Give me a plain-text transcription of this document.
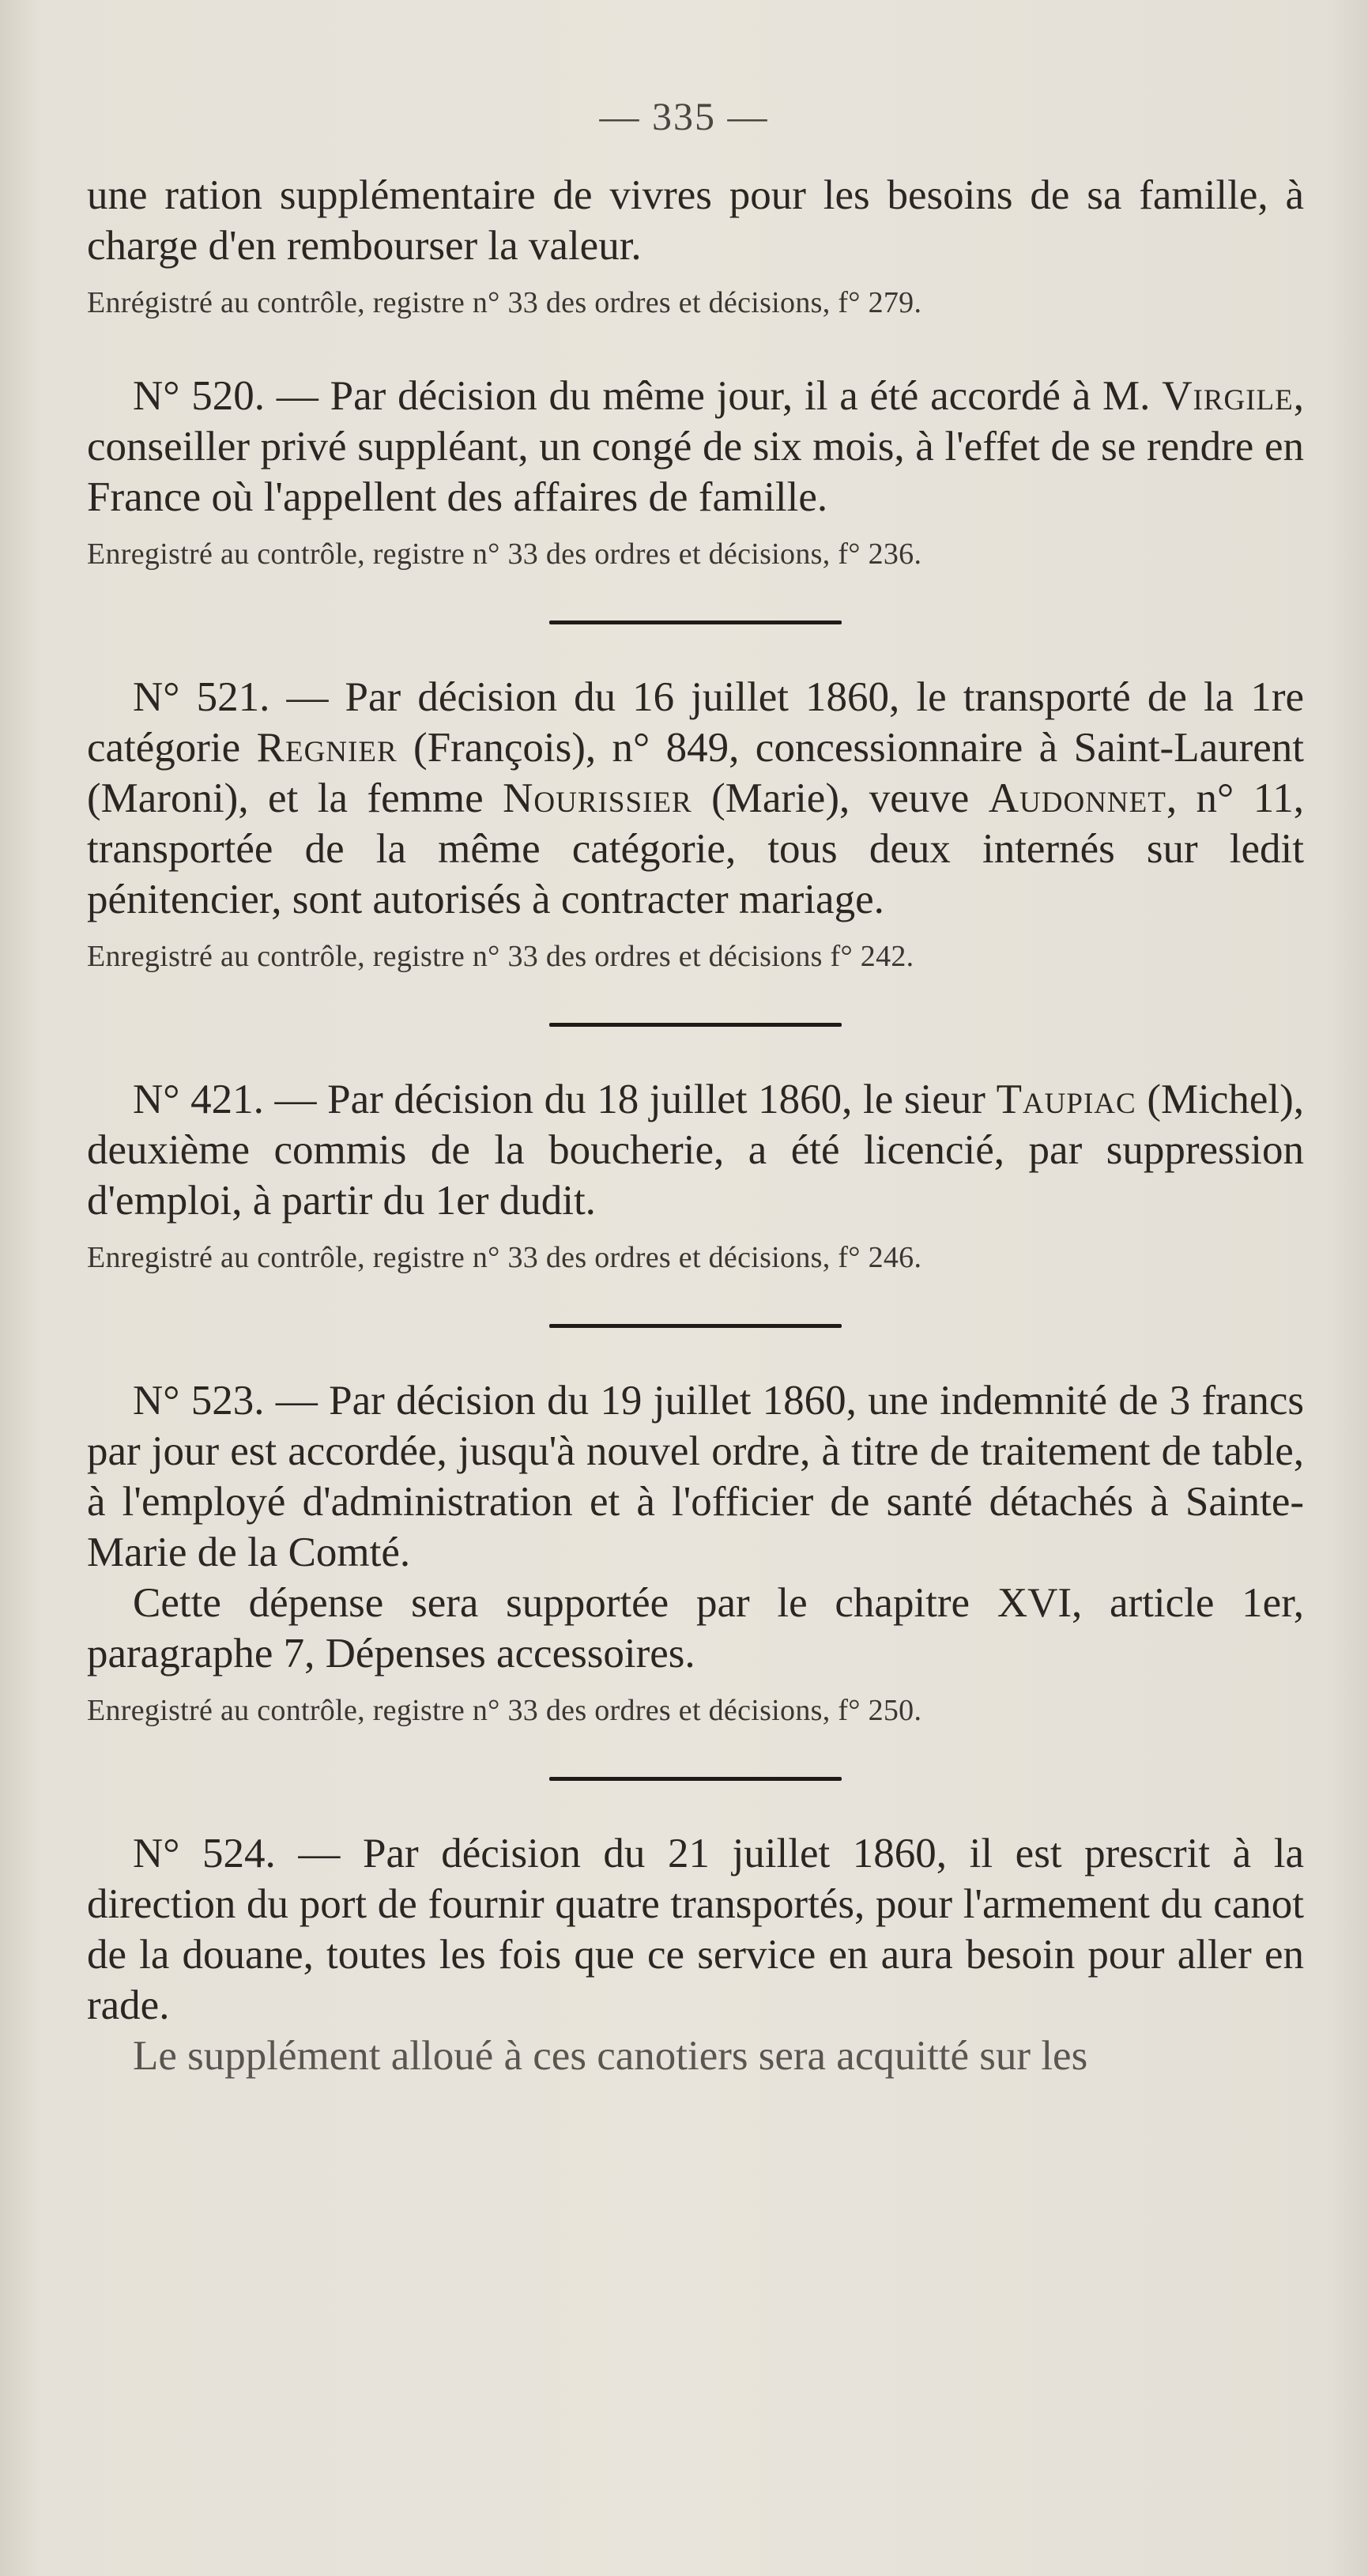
— 335 —

une ration supplémentaire de vivres pour les besoins de sa famille, à charge d'en rembourser la valeur.

Enrégistré au contrôle, registre n° 33 des ordres et décisions, f° 279.

N° 520. — Par décision du même jour, il a été accordé à M. Virgile, conseiller privé suppléant, un congé de six mois, à l'effet de se rendre en France où l'appellent des affaires de famille.

Enregistré au contrôle, registre n° 33 des ordres et décisions, f° 236.

N° 521. — Par décision du 16 juillet 1860, le transporté de la 1re catégorie Regnier (François), n° 849, concessionnaire à Saint-Laurent (Maroni), et la femme Nourissier (Marie), veuve Audonnet, n° 11, transportée de la même catégorie, tous deux internés sur ledit pénitencier, sont autorisés à contracter mariage.

Enregistré au contrôle, registre n° 33 des ordres et décisions f° 242.

N° 421. — Par décision du 18 juillet 1860, le sieur Taupiac (Michel), deuxième commis de la boucherie, a été licencié, par suppression d'emploi, à partir du 1er dudit.

Enregistré au contrôle, registre n° 33 des ordres et décisions, f° 246.

N° 523. — Par décision du 19 juillet 1860, une indemnité de 3 francs par jour est accordée, jusqu'à nouvel ordre, à titre de traitement de table, à l'employé d'administration et à l'officier de santé détachés à Sainte-Marie de la Comté.

Cette dépense sera supportée par le chapitre XVI, article 1er, paragraphe 7, Dépenses accessoires.

Enregistré au contrôle, registre n° 33 des ordres et décisions, f° 250.

N° 524. — Par décision du 21 juillet 1860, il est prescrit à la direction du port de fournir quatre transportés, pour l'armement du canot de la douane, toutes les fois que ce service en aura besoin pour aller en rade.

Le supplément alloué à ces canotiers sera acquitté sur les
